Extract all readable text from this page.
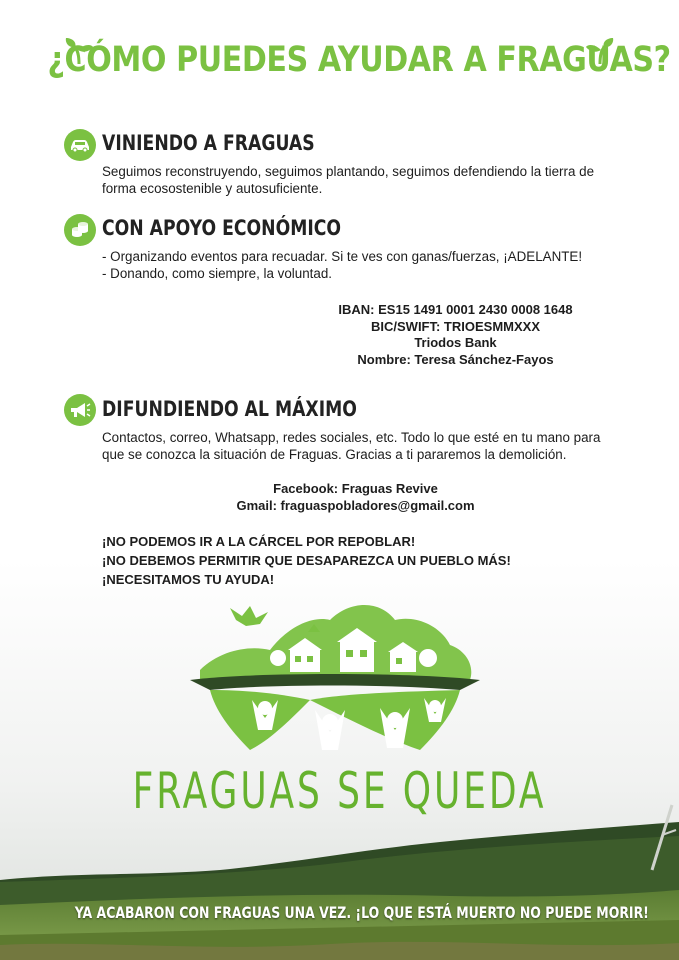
¿CÓMO PUEDES AYUDAR A FRAGUAS?
VINIENDO A FRAGUAS
Seguimos reconstruyendo, seguimos plantando, seguimos defendiendo la tierra de
forma ecosostenible y autosuficiente.
CON APOYO ECONÓMICO
- Organizando eventos para recuadar. Si te ves con ganas/fuerzas, ¡ADELANTE!
- Donando, como siempre, la voluntad.
IBAN: ES15 1491 0001 2430 0008 1648
BIC/SWIFT: TRIOESMMXXX
Triodos Bank
Nombre: Teresa Sánchez-Fayos
DIFUNDIENDO AL MÁXIMO
Contactos, correo, Whatsapp, redes sociales, etc. Todo lo que esté en tu mano para
que se conozca la situación de Fraguas. Gracias a ti pararemos la demolición.
Facebook: Fraguas Revive
Gmail: fraguaspobladores@gmail.com
¡NO PODEMOS IR A LA CÁRCEL POR REPOBLAR!
¡NO DEBEMOS PERMITIR QUE DESAPAREZCA UN PUEBLO MÁS!
¡NECESITAMOS TU AYUDA!
FRAGUAS SE QUEDA
YA ACABARON CON FRAGUAS UNA VEZ. ¡LO QUE ESTÁ MUERTO NO PUEDE MORIR!
